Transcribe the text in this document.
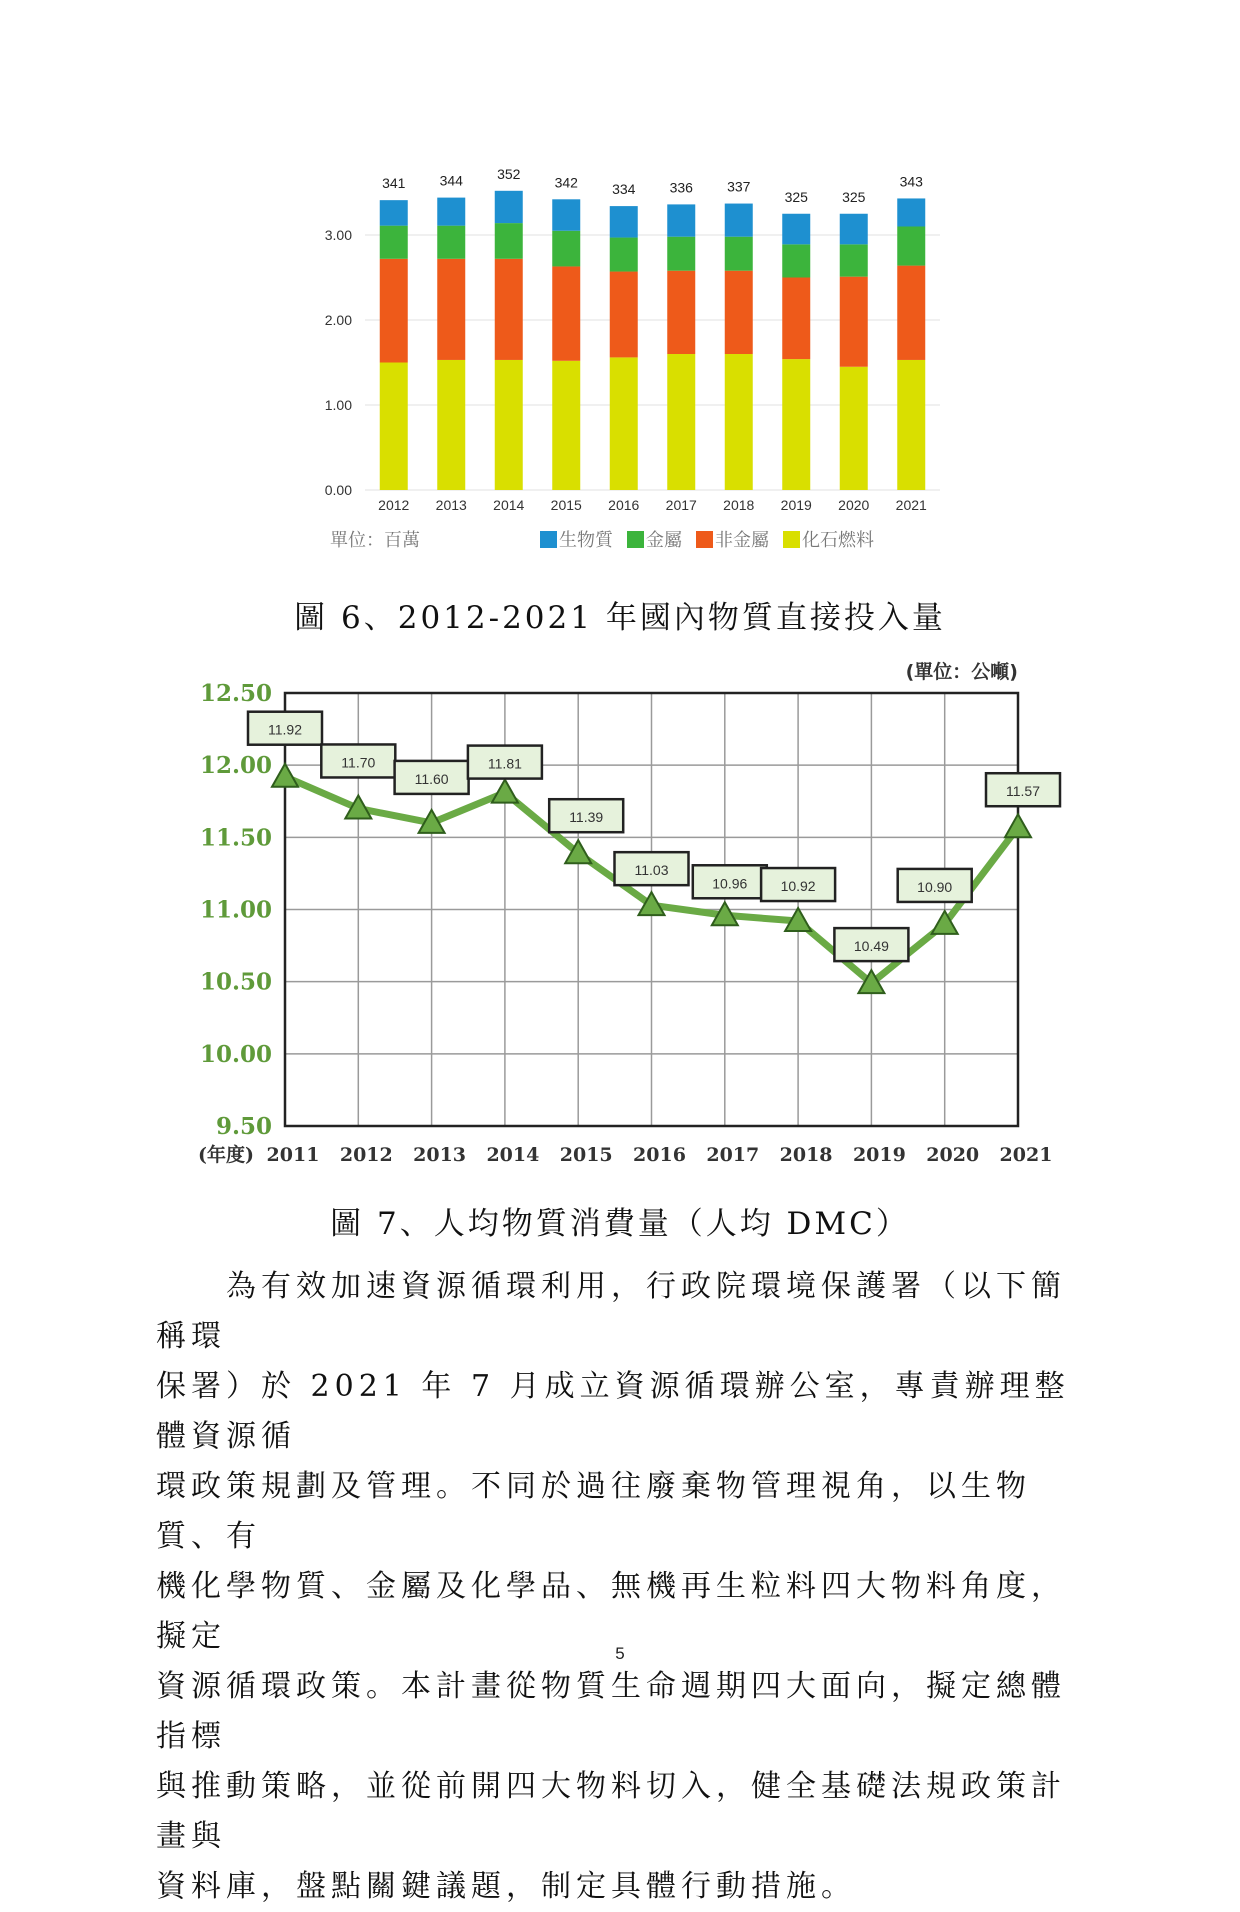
0.00
1.00
2.00
3.00
341
2012
344
2013
352
2014
342
2015
334
2016
336
2017
337
2018
325
2019
325
2020
343
2021
單位：百萬	生物質 金屬 非金屬 化石燃料
圖 6、2012-2021 年國內物質直接投入量
9.50
10.00
10.50
11.00
11.50
12.00
12.50
(單位：公噸)
(年度) 2011 2012 2013 2014 2015 2016 2017 2018 2019 2020 2021
11.92
11.70
11.60
11.81
11.39
11.03
10.96 10.92
10.49
10.90
11.57
圖 7、人均物質消費量（人均 DMC）

　　為有效加速資源循環利用，行政院環境保護署（以下簡稱環

保署）於 2021 年 7 月成立資源循環辦公室，專責辦理整體資源循

環政策規劃及管理。不同於過往廢棄物管理視角，以生物質、有

機化學物質、金屬及化學品、無機再生粒料四大物料角度，擬定

資源循環政策。本計畫從物質生命週期四大面向，擬定總體指標

與推動策略，並從前開四大物料切入，健全基礎法規政策計畫與

資料庫，盤點關鍵議題，制定具體行動措施。

5
